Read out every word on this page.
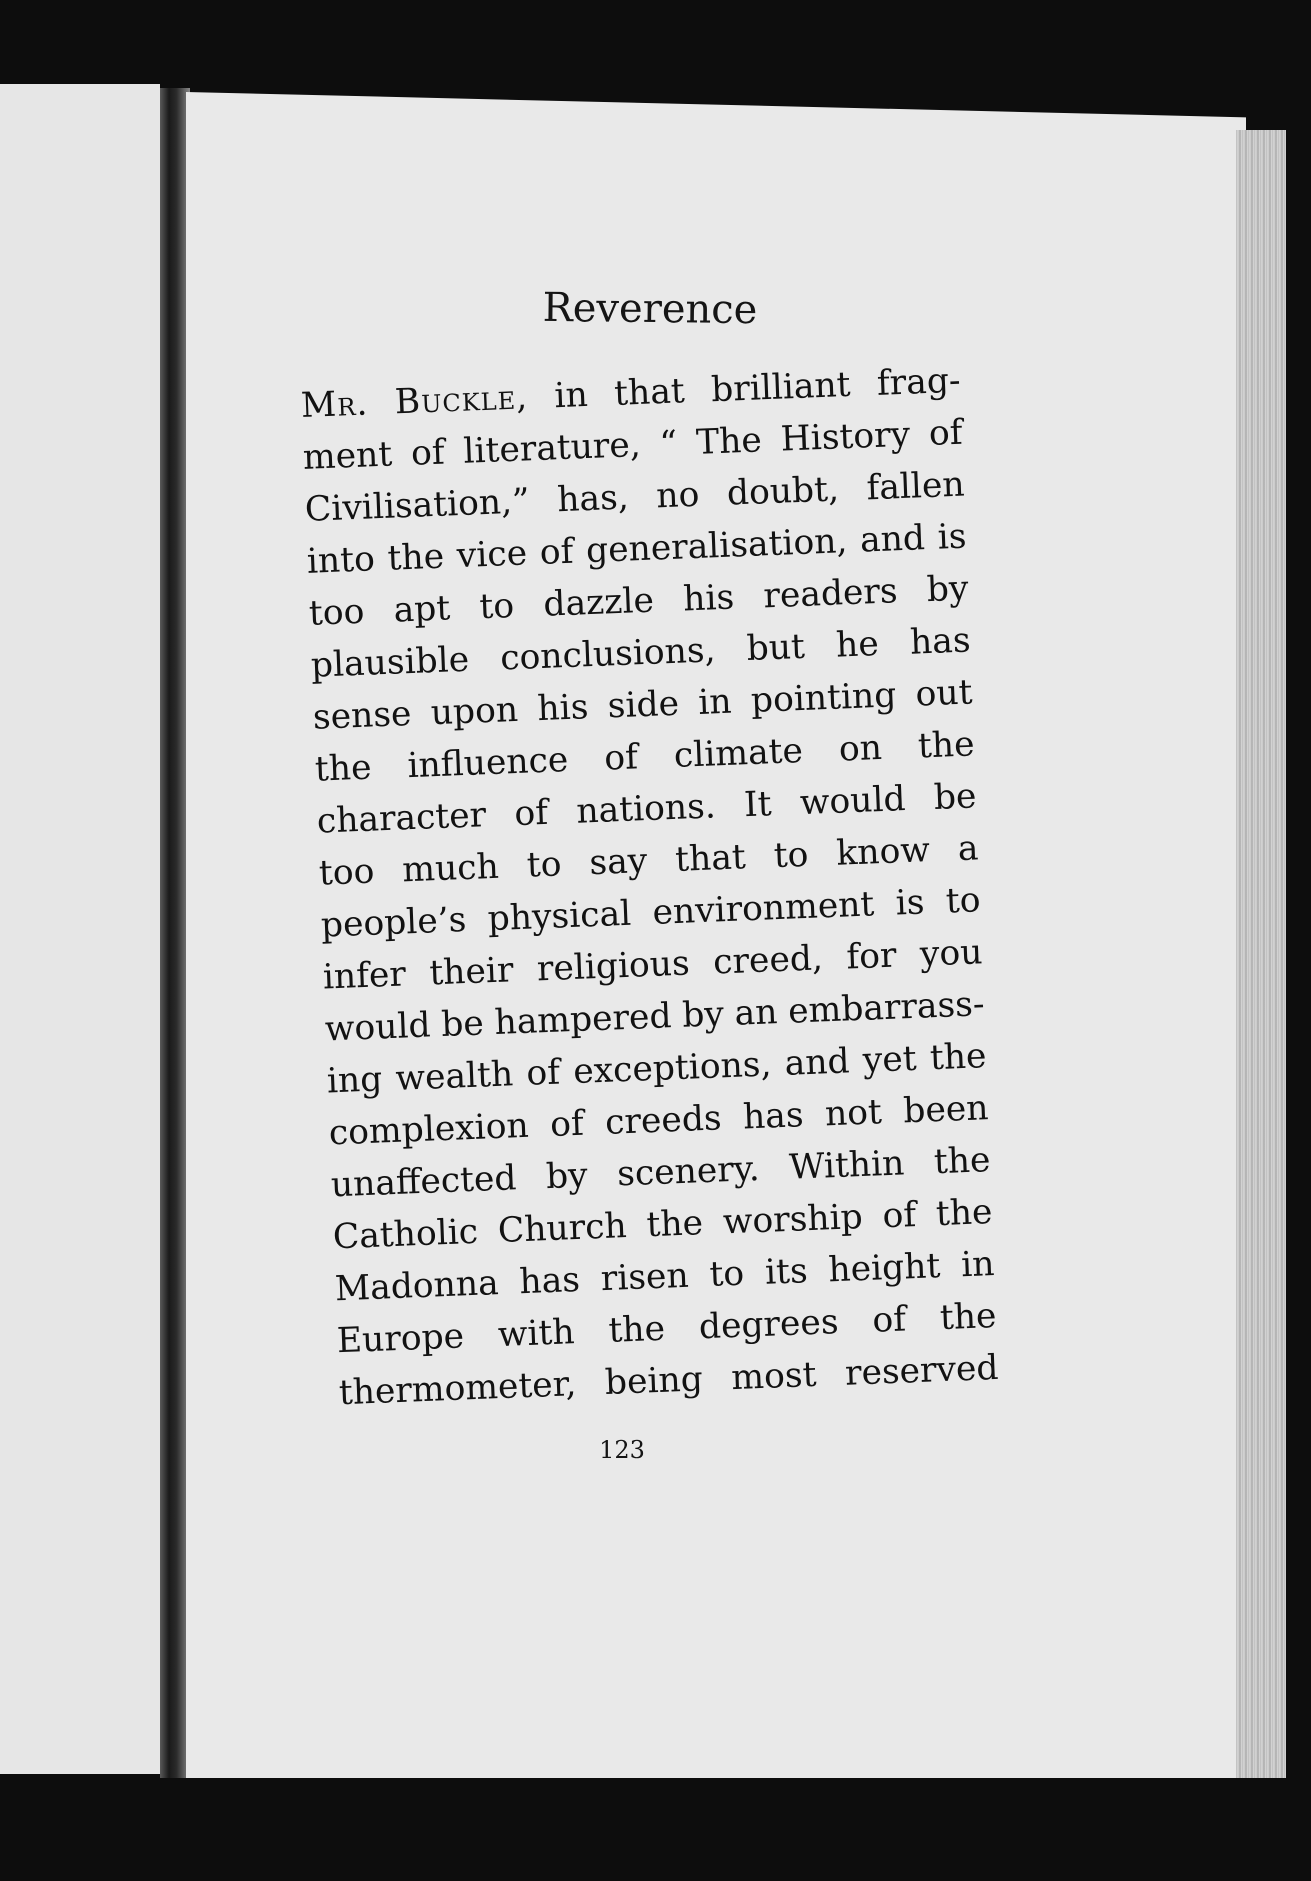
Reverence
Mr. Buckle, in that brilliant frag-
ment of literature, “ The History of
Civilisation,” has, no doubt, fallen
into the vice of generalisation, and is
too apt to dazzle his readers by
plausible conclusions, but he has
sense upon his side in pointing out
the influence of climate on the
character of nations. It would be
too much to say that to know a
people’s physical environment is to
infer their religious creed, for you
would be hampered by an embarrass-
ing wealth of exceptions, and yet the
complexion of creeds has not been
unaffected by scenery. Within the
Catholic Church the worship of the
Madonna has risen to its height in
Europe with the degrees of the
thermometer, being most reserved
123
